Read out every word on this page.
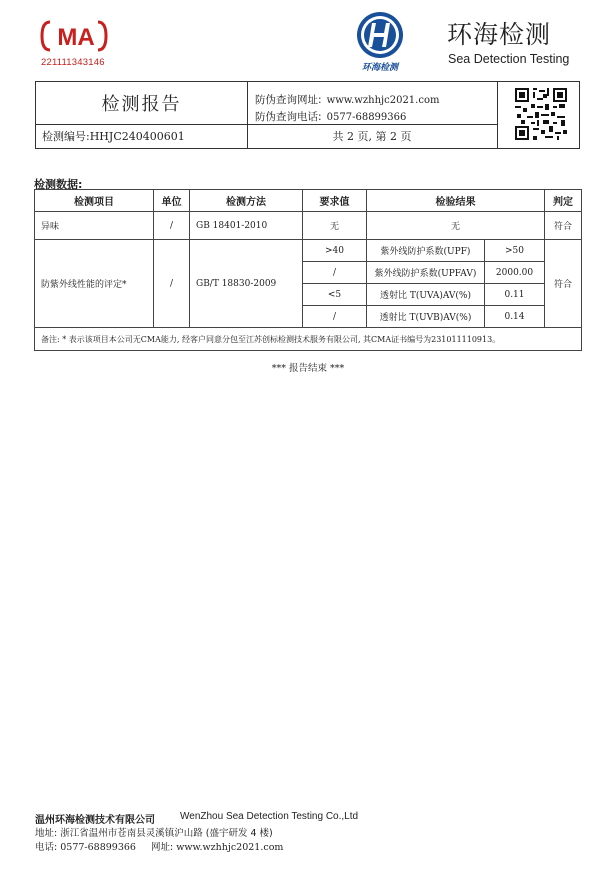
MA
221111343146	环海检测
环海检测
Sea Detection Testing
检测报告	防伪查询网址: www.wzhhjc2021.com
防伪查询电话: 0577-68899366
检测编号:HHJC240400601	共 2 页, 第 2 页
检测数据:
检测项目	单位	检测方法	要求值	检验结果		判定
异味	/	GB 18401-2010	无	无		符合
防紫外线性能的评定*	/	GB/T 18830-2009	>40	紫外线防护系数(UPF)	>50	符合
			/	紫外线防护系数(UPFAV)	2000.00	
			<5	透射比 T(UVA)AV(%)	0.11	
			/	透射比 T(UVB)AV(%)	0.14	
备注: * 表示该项目本公司无CMA能力, 经客户同意分包至江苏创标检测技术服务有限公司, 其CMA证书编号为231011110913。						
*** 报告结束 ***
温州环海检测技术有限公司	WenZhou Sea Detection Testing Co.,Ltd
地址: 浙江省温州市苍南县灵溪镇沪山路 (盛宇研发 4 楼)
电话: 0577-68899366 网址: www.wzhhjc2021.com
